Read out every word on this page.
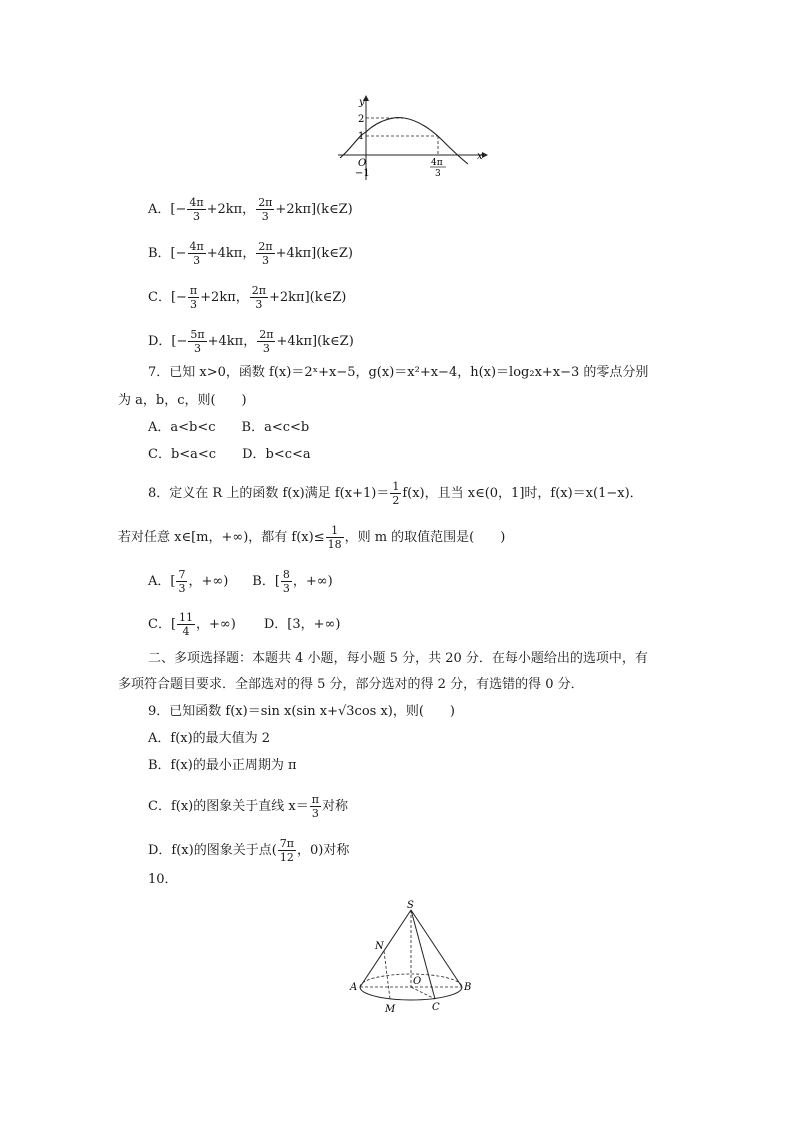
y
x
2
1
O
−1
4π
3
A．[− $\frac{4\pi}{3} +2k\pi$， $\frac{2\pi}{3}$ +2kπ](k∈Z)
B．[− $\frac{4\pi}{3} +4k\pi$， $\frac{2\pi}{3}$ +4kπ](k∈Z)
C．[− $\frac{\pi}{3} +2k\pi$， $\frac{2\pi}{3}$ +2kπ](k∈Z)
D．[− $\frac{5\pi}{3} +4k\pi$， $\frac{2\pi}{3}$ +4kπ](k∈Z)
7．已知 x>0，函数 f(x)＝2ˣ+x−5，g(x)＝x²+x−4，h(x)＝log₂x+x−3 的零点分别
为 a，b，c，则(　　)
A．a<b<c　　B．a<c<b
C．b<a<c　　D．b<c<a
8．定义在 R 上的函数 f(x)满足 $f(x+1)= \frac{1}{2} f(x)$，且当 x∈(0，1]时，f(x)＝x(1−x)．
若对任意 x∈[m，+∞)，都有 $f(x)\le \frac{1}{18}$ ，则 m 的取值范围是(　　)
A．[ $\frac{7}{3}$ ，+∞) B．[ $\frac{8}{3}$ ，+∞)
C．[ $\frac{11}{4}$ ，+∞) D．[3，+∞)
二、多项选择题：本题共 4 小题，每小题 5 分，共 20 分．在每小题给出的选项中，有
多项符合题目要求．全部选对的得 5 分，部分选对的得 2 分，有选错的得 0 分．
9．已知函数 f(x)＝sin x(sin x+√3cos x)，则(　　)
A．f(x)的最大值为 2
B．f(x)的最小正周期为 π
C．f(x)的图象关于直线 $x= \frac{\pi}{3}$ 对称
D．f(x)的图象关于点( $\frac{7\pi}{12}$ ，0)对称
10．
S
N
A	B
O
M	C
